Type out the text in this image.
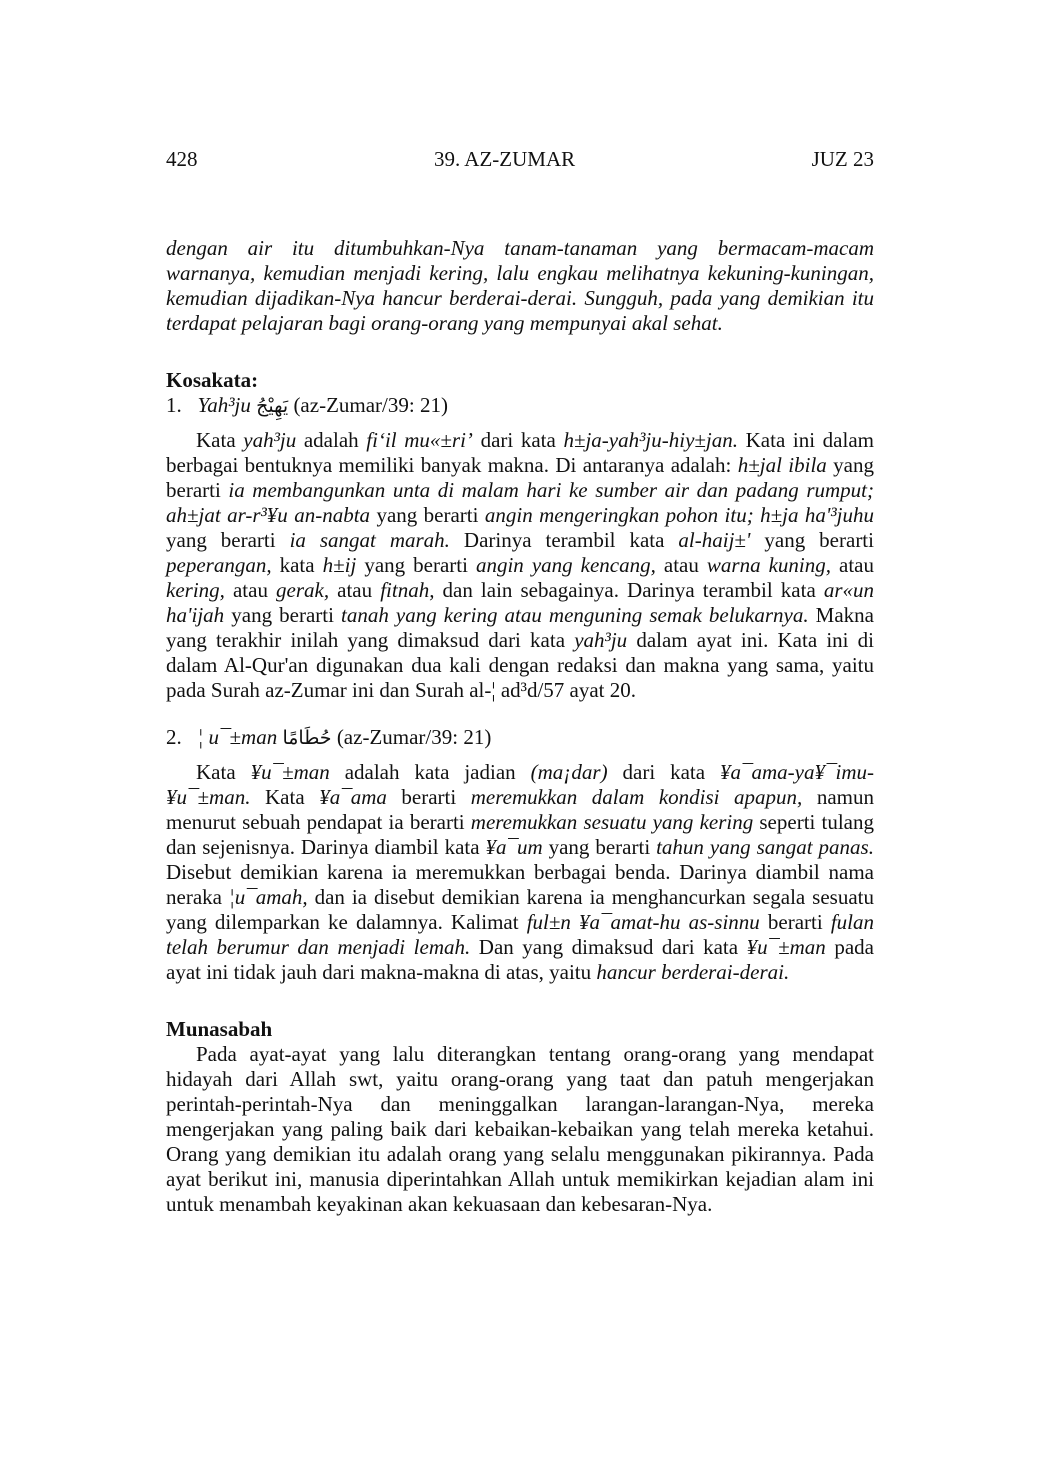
428	39. AZ-ZUMAR	JUZ 23

dengan air itu ditumbuhkan-Nya tanam-tanaman yang bermacam-macam warnanya, kemudian menjadi kering, lalu engkau melihatnya kekuning-kuningan, kemudian dijadikan-Nya hancur berderai-derai. Sungguh, pada yang demikian itu terdapat pelajaran bagi orang-orang yang mempunyai akal sehat.

Kosakata:

1. Yah³ju يَهِيْجُ (az-Zumar/39: 21)

Kata yah³ju adalah fi‘il mu«±ri’ dari kata h±ja-yah³ju-hiy±jan. Kata ini dalam berbagai bentuknya memiliki banyak makna. Di antaranya adalah: h±jal ibila yang berarti ia membangunkan unta di malam hari ke sumber air dan padang rumput; ah±jat ar-r³¥u an-nabta yang berarti angin mengeringkan pohon itu; h±ja ha'³juhu yang berarti ia sangat marah. Darinya terambil kata al-haij±' yang berarti peperangan, kata h±ij yang berarti angin yang kencang, atau warna kuning, atau kering, atau gerak, atau fitnah, dan lain sebagainya. Darinya terambil kata ar«un ha'ijah yang berarti tanah yang kering atau menguning semak belukarnya. Makna yang terakhir inilah yang dimaksud dari kata yah³ju dalam ayat ini. Kata ini di dalam Al-Qur'an digunakan dua kali dengan redaksi dan makna yang sama, yaitu pada Surah az-Zumar ini dan Surah al-¦ ad³d/57 ayat 20.

2. ¦ u¯±man حُطَامًا (az-Zumar/39: 21)

Kata ¥u¯±man adalah kata jadian (ma¡dar) dari kata ¥a¯ama-ya¥¯imu-¥u¯±man. Kata ¥a¯ama berarti meremukkan dalam kondisi apapun, namun menurut sebuah pendapat ia berarti meremukkan sesuatu yang kering seperti tulang dan sejenisnya. Darinya diambil kata ¥a¯um yang berarti tahun yang sangat panas. Disebut demikian karena ia meremukkan berbagai benda. Darinya diambil nama neraka ¦u¯amah, dan ia disebut demikian karena ia menghancurkan segala sesuatu yang dilemparkan ke dalamnya. Kalimat ful±n ¥a¯amat-hu as-sinnu berarti fulan telah berumur dan menjadi lemah. Dan yang dimaksud dari kata ¥u¯±man pada ayat ini tidak jauh dari makna-makna di atas, yaitu hancur berderai-derai.

Munasabah

Pada ayat-ayat yang lalu diterangkan tentang orang-orang yang mendapat hidayah dari Allah swt, yaitu orang-orang yang taat dan patuh mengerjakan perintah-perintah-Nya dan meninggalkan larangan-larangan-Nya, mereka mengerjakan yang paling baik dari kebaikan-kebaikan yang telah mereka ketahui. Orang yang demikian itu adalah orang yang selalu menggunakan pikirannya. Pada ayat berikut ini, manusia diperintahkan Allah untuk memikirkan kejadian alam ini untuk menambah keyakinan akan kekuasaan dan kebesaran-Nya.
